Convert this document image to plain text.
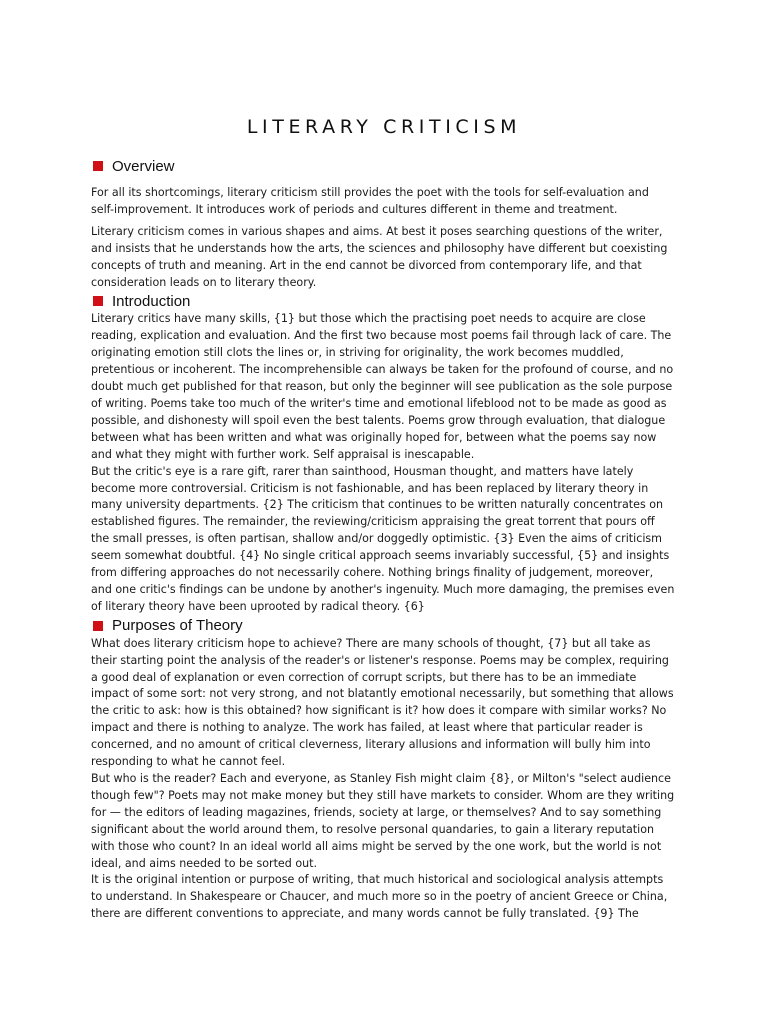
LITERARY CRITICISM
Overview

For all its shortcomings, literary criticism still provides the poet with the tools for self-evaluation and self-improvement. It introduces work of periods and cultures different in theme and treatment.

Literary criticism comes in various shapes and aims. At best it poses searching questions of the writer, and insists that he understands how the arts, the sciences and philosophy have different but coexisting concepts of truth and meaning. Art in the end cannot be divorced from contemporary life, and that consideration leads on to literary theory.

Introduction

Literary critics have many skills, {1} but those which the practising poet needs to acquire are close reading, explication and evaluation. And the first two because most poems fail through lack of care. The originating emotion still clots the lines or, in striving for originality, the work becomes muddled, pretentious or incoherent. The incomprehensible can always be taken for the profound of course, and no doubt much get published for that reason, but only the beginner will see publication as the sole purpose of writing. Poems take too much of the writer's time and emotional lifeblood not to be made as good as possible, and dishonesty will spoil even the best talents. Poems grow through evaluation, that dialogue between what has been written and what was originally hoped for, between what the poems say now and what they might with further work. Self appraisal is inescapable.

But the critic's eye is a rare gift, rarer than sainthood, Housman thought, and matters have lately become more controversial. Criticism is not fashionable, and has been replaced by literary theory in many university departments. {2} The criticism that continues to be written naturally concentrates on established figures. The remainder, the reviewing/criticism appraising the great torrent that pours off the small presses, is often partisan, shallow and/or doggedly optimistic. {3} Even the aims of criticism seem somewhat doubtful. {4} No single critical approach seems invariably successful, {5} and insights from differing approaches do not necessarily cohere. Nothing brings finality of judgement, moreover, and one critic's findings can be undone by another's ingenuity. Much more damaging, the premises even of literary theory have been uprooted by radical theory. {6}

Purposes of Theory

What does literary criticism hope to achieve? There are many schools of thought, {7} but all take as their starting point the analysis of the reader's or listener's response. Poems may be complex, requiring a good deal of explanation or even correction of corrupt scripts, but there has to be an immediate impact of some sort: not very strong, and not blatantly emotional necessarily, but something that allows the critic to ask: how is this obtained? how significant is it? how does it compare with similar works? No impact and there is nothing to analyze. The work has failed, at least where that particular reader is concerned, and no amount of critical cleverness, literary allusions and information will bully him into responding to what he cannot feel.

But who is the reader? Each and everyone, as Stanley Fish might claim {8}, or Milton's "select audience though few"? Poets may not make money but they still have markets to consider. Whom are they writing for — the editors of leading magazines, friends, society at large, or themselves? And to say something significant about the world around them, to resolve personal quandaries, to gain a literary reputation with those who count? In an ideal world all aims might be served by the one work, but the world is not ideal, and aims needed to be sorted out.

It is the original intention or purpose of writing, that much historical and sociological analysis attempts to understand. In Shakespeare or Chaucer, and much more so in the poetry of ancient Greece or China, there are different conventions to appreciate, and many words cannot be fully translated. {9} The
